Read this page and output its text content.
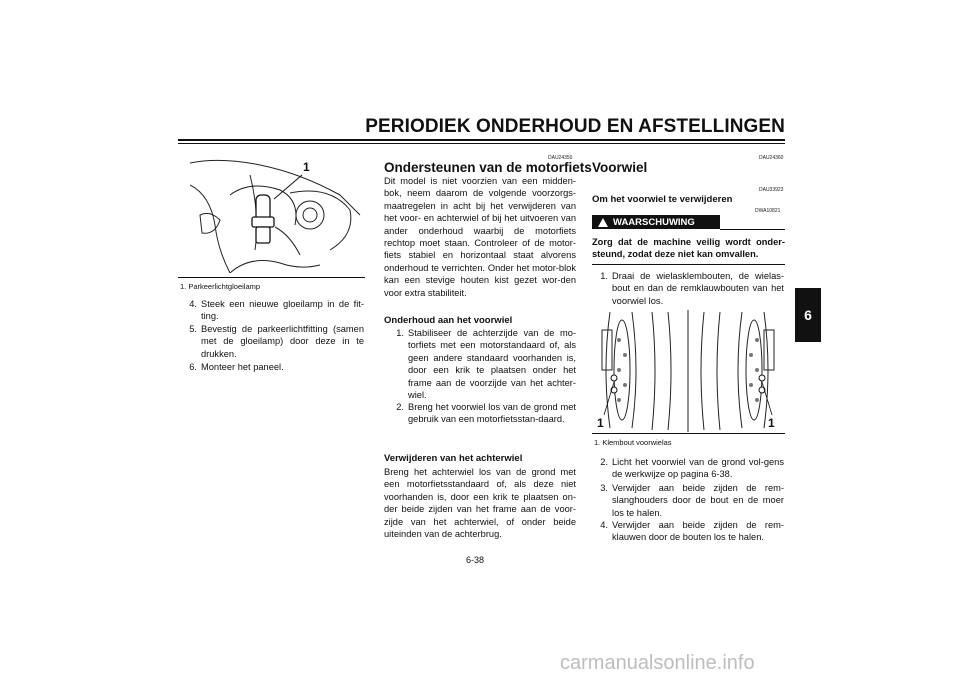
PERIODIEK ONDERHOUD EN AFSTELLINGEN
6
1
1. Parkeerlichtgloeilamp
4. Steek een nieuwe gloeilamp in de fit-ting.
5. Bevestig de parkeerlichtfitting (samen met de gloeilamp) door deze in te drukken.
6. Monteer het paneel.
DAU24350
Ondersteunen van de motorfiets
Dit model is niet voorzien van een midden-bok, neem daarom de volgende voorzorgs-maatregelen in acht bij het verwijderen van het voor- en achterwiel of bij het uitvoeren van ander onderhoud waarbij de motorfiets rechtop moet staan. Controleer of de motor-fiets stabiel en horizontaal staat alvorens onderhoud te verrichten. Onder het motor-blok kan een stevige houten kist gezet wor-den voor extra stabiliteit.
Onderhoud aan het voorwiel
1. Stabiliseer de achterzijde van de mo-torfiets met een motorstandaard of, als geen andere standaard voorhanden is, door een krik te plaatsen onder het frame aan de voorzijde van het achter-wiel.
2. Breng het voorwiel los van de grond met gebruik van een motorfietsstan-daard.
Verwijderen van het achterwiel
Breng het achterwiel los van de grond met een motorfietsstandaard of, als deze niet voorhanden is, door een krik te plaatsen on-der beide zijden van het frame aan de voor-zijde van het achterwiel, of onder beide uiteinden van de achterbrug.
DAU24360
Voorwiel
DAU33923
Om het voorwiel te verwijderen
DWA10821
WAARSCHUWING
Zorg dat de machine veilig wordt onder-steund, zodat deze niet kan omvallen.
1. Draai de wielasklembouten, de wielas-bout en dan de remklauwbouten van het voorwiel los.
1	1
1. Klembout voorwielas
2. Licht het voorwiel van de grond vol-gens de werkwijze op pagina 6-38.
3. Verwijder aan beide zijden de rem-slanghouders door de bout en de moer los te halen.
4. Verwijder aan beide zijden de rem-klauwen door de bouten los te halen.
6-38
carmanualsonline.info
